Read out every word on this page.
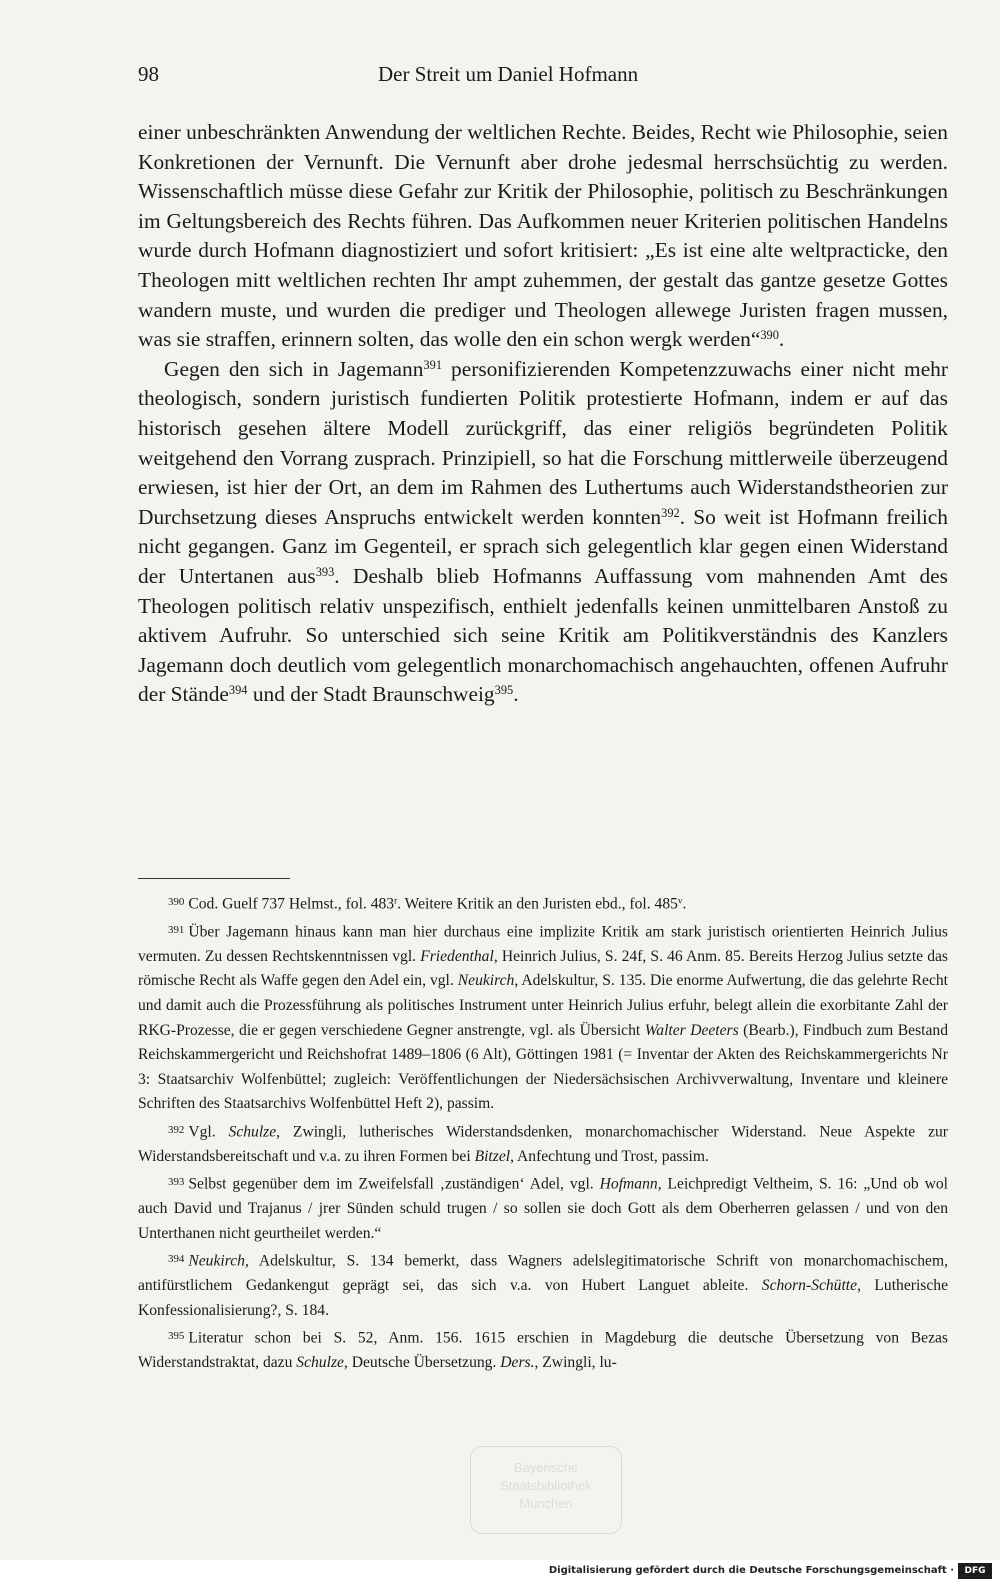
98	Der Streit um Daniel Hofmann

einer unbeschränkten Anwendung der weltlichen Rechte. Beides, Recht wie Philosophie, seien Konkretionen der Vernunft. Die Vernunft aber drohe jedesmal herrschsüchtig zu werden. Wissenschaftlich müsse diese Gefahr zur Kritik der Philosophie, politisch zu Beschränkungen im Geltungsbereich des Rechts führen. Das Aufkommen neuer Kriterien politischen Handelns wurde durch Hofmann diagnostiziert und sofort kritisiert: „Es ist eine alte weltpracticke, den Theologen mitt weltlichen rechten Ihr ampt zuhemmen, der gestalt das gantze gesetze Gottes wandern muste, und wurden die prediger und Theologen allewege Juristen fragen mussen, was sie straffen, erinnern solten, das wolle den ein schon wergk werden“$^{390}$.

Gegen den sich in Jagemann$^{391}$ personifizierenden Kompetenzzuwachs einer nicht mehr theologisch, sondern juristisch fundierten Politik protestierte Hofmann, indem er auf das historisch gesehen ältere Modell zurückgriff, das einer religiös begründeten Politik weitgehend den Vorrang zusprach. Prinzipiell, so hat die Forschung mittlerweile überzeugend erwiesen, ist hier der Ort, an dem im Rahmen des Luthertums auch Widerstandstheorien zur Durchsetzung dieses Anspruchs entwickelt werden konnten$^{392}$. So weit ist Hofmann freilich nicht gegangen. Ganz im Gegenteil, er sprach sich gelegentlich klar gegen einen Widerstand der Untertanen aus$^{393}$. Deshalb blieb Hofmanns Auffassung vom mahnenden Amt des Theologen politisch relativ unspezifisch, enthielt jedenfalls keinen unmittelbaren Anstoß zu aktivem Aufruhr. So unterschied sich seine Kritik am Politikverständnis des Kanzlers Jagemann doch deutlich vom gelegentlich monarchomachisch angehauchten, offenen Aufruhr der Stände$^{394}$ und der Stadt Braunschweig$^{395}$.

$^{390}$ Cod. Guelf 737 Helmst., fol. 483$^r$. Weitere Kritik an den Juristen ebd., fol. 485$^v$.

$^{391}$ Über Jagemann hinaus kann man hier durchaus eine implizite Kritik am stark juristisch orientierten Heinrich Julius vermuten. Zu dessen Rechtskenntnissen vgl. Friedenthal, Heinrich Julius, S. 24f, S. 46 Anm. 85. Bereits Herzog Julius setzte das römische Recht als Waffe gegen den Adel ein, vgl. Neukirch, Adelskultur, S. 135. Die enorme Aufwertung, die das gelehrte Recht und damit auch die Prozessführung als politisches Instrument unter Heinrich Julius erfuhr, belegt allein die exorbitante Zahl der RKG-Prozesse, die er gegen verschiedene Gegner anstrengte, vgl. als Übersicht Walter Deeters (Bearb.), Findbuch zum Bestand Reichskammergericht und Reichshofrat 1489–1806 (6 Alt), Göttingen 1981 (= Inventar der Akten des Reichskammergerichts Nr 3: Staatsarchiv Wolfenbüttel; zugleich: Veröffentlichungen der Niedersächsischen Archivverwaltung, Inventare und kleinere Schriften des Staatsarchivs Wolfenbüttel Heft 2), passim.

$^{392}$ Vgl. Schulze, Zwingli, lutherisches Widerstandsdenken, monarchomachischer Widerstand. Neue Aspekte zur Widerstandsbereitschaft und v.a. zu ihren Formen bei Bitzel, Anfechtung und Trost, passim.

$^{393}$ Selbst gegenüber dem im Zweifelsfall ‚zuständigen‘ Adel, vgl. Hofmann, Leichpredigt Veltheim, S. 16: „Und ob wol auch David und Trajanus / jrer Sünden schuld trugen / so sollen sie doch Gott als dem Oberherren gelassen / und von den Unterthanen nicht geurtheilet werden.“

$^{394}$ Neukirch, Adelskultur, S. 134 bemerkt, dass Wagners adelslegitimatorische Schrift von monarchomachischem, antifürstlichem Gedankengut geprägt sei, das sich v.a. von Hubert Languet ableite. Schorn-Schütte, Lutherische Konfessionalisierung?, S. 184.

$^{395}$ Literatur schon bei S. 52, Anm. 156. 1615 erschien in Magdeburg die deutsche Übersetzung von Bezas Widerstandstraktat, dazu Schulze, Deutsche Übersetzung. Ders., Zwingli, lu-

Bayerische
Staatsbibliothek
München
Digitalisierung gefördert durch die Deutsche Forschungsgemeinschaft ·	DFG
